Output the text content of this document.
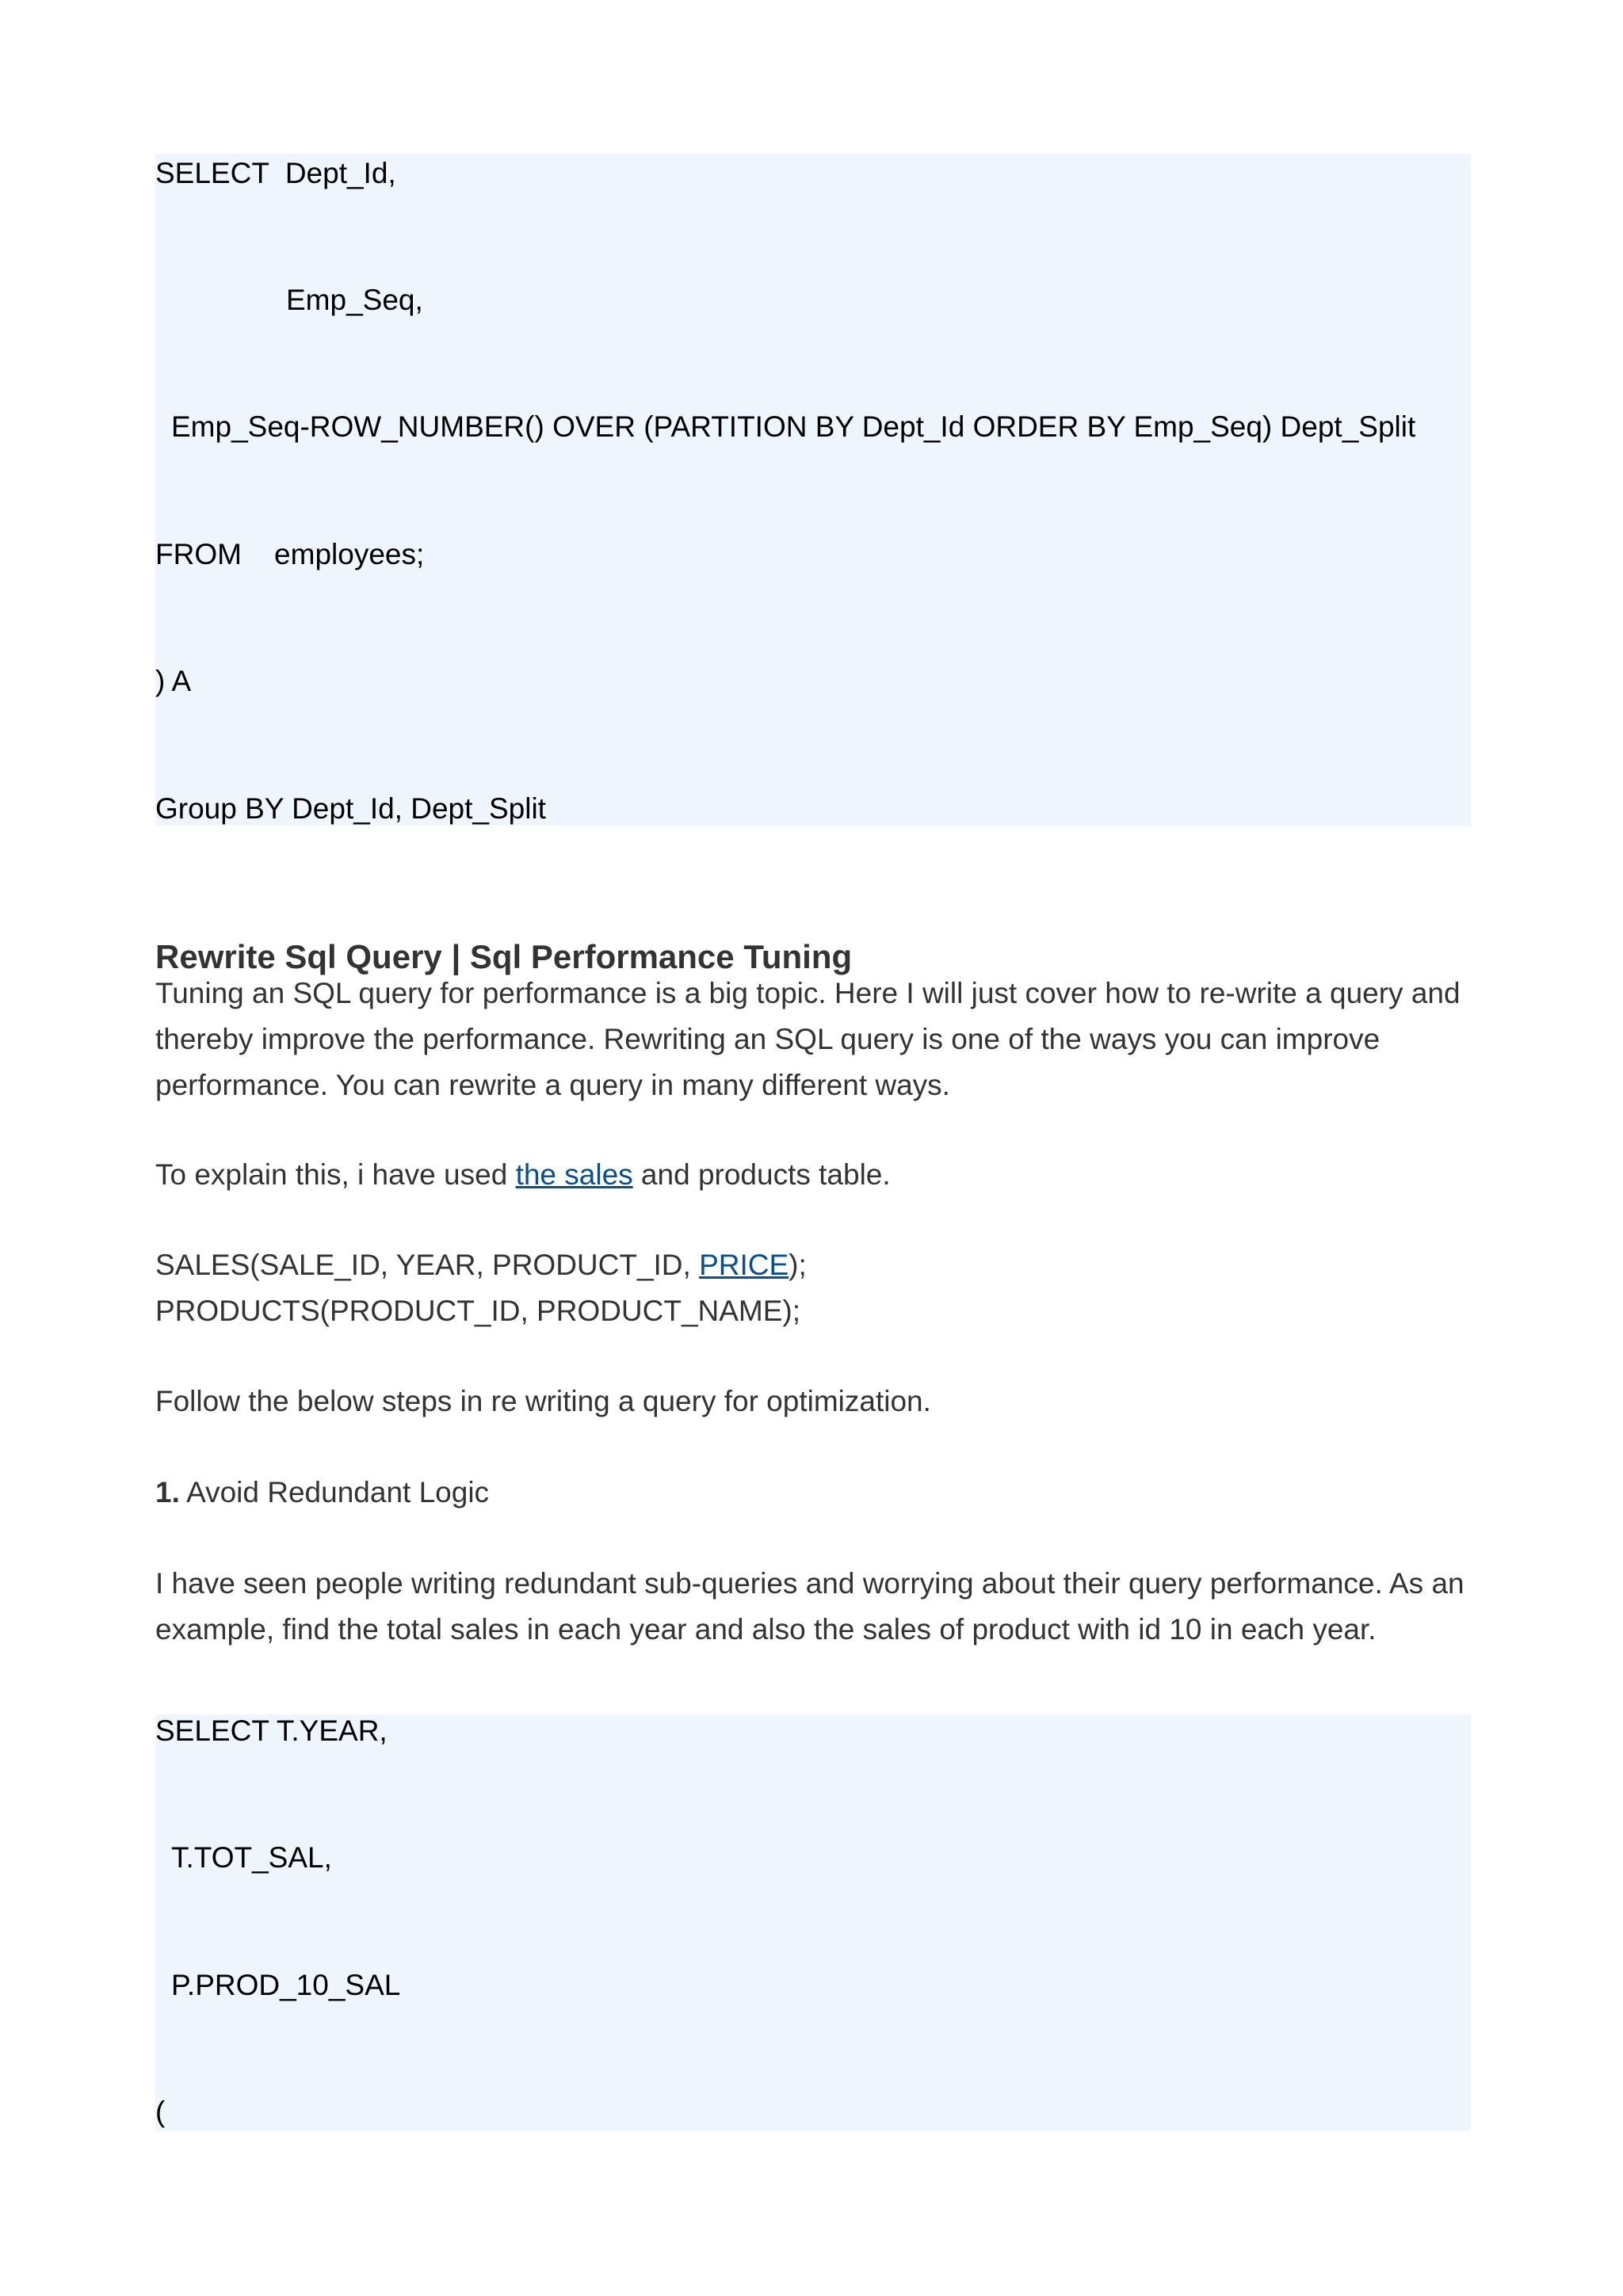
SELECT  Dept_Id,
Emp_Seq,
Emp_Seq-ROW_NUMBER() OVER (PARTITION BY Dept_Id ORDER BY Emp_Seq) Dept_Split
FROM    employees;
) A
Group BY Dept_Id, Dept_Split
Rewrite Sql Query | Sql Performance Tuning
Tuning an SQL query for performance is a big topic. Here I will just cover how to re-write a query and
thereby improve the performance. Rewriting an SQL query is one of the ways you can improve
performance. You can rewrite a query in many different ways.
To explain this, i have used the sales and products table.
SALES(SALE_ID, YEAR, PRODUCT_ID, PRICE);
PRODUCTS(PRODUCT_ID, PRODUCT_NAME);
Follow the below steps in re writing a query for optimization.
1. Avoid Redundant Logic
I have seen people writing redundant sub-queries and worrying about their query performance. As an
example, find the total sales in each year and also the sales of product with id 10 in each year.
SELECT T.YEAR,
T.TOT_SAL,
P.PROD_10_SAL
(
